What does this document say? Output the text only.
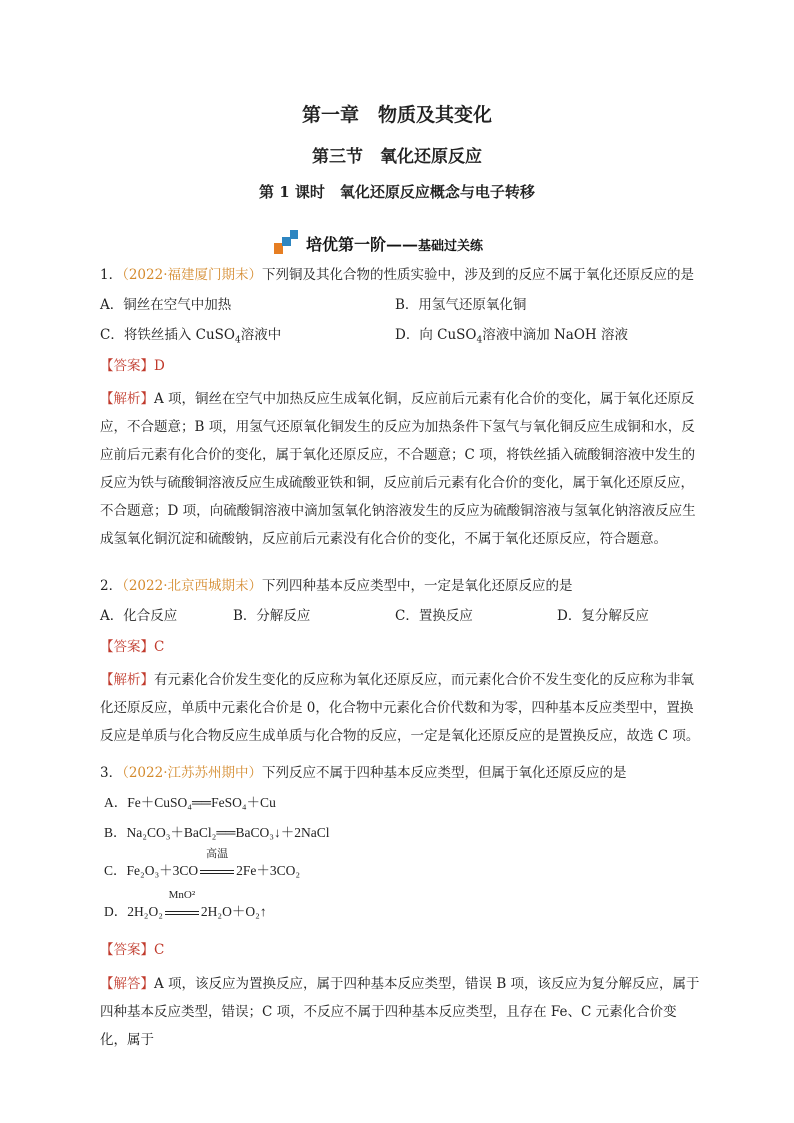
第一章　物质及其变化
第三节　氧化还原反应
第 1 课时　氧化还原反应概念与电子转移
培优第一阶——基础过关练
1．（2022·福建厦门期末）下列铜及其化合物的性质实验中，涉及到的反应不属于氧化还原反应的是
A．铜丝在空气中加热	B．用氢气还原氧化铜
C．将铁丝插入 CuSO$_4$溶液中	D．向 CuSO$_4$溶液中滴加 NaOH 溶液
【答案】D
【解析】A 项，铜丝在空气中加热反应生成氧化铜，反应前后元素有化合价的变化，属于氧化还原反应，不合题意；B 项，用氢气还原氧化铜发生的反应为加热条件下氢气与氧化铜反应生成铜和水，反应前后元素有化合价的变化，属于氧化还原反应，不合题意；C 项，将铁丝插入硫酸铜溶液中发生的反应为铁与硫酸铜溶液反应生成硫酸亚铁和铜，反应前后元素有化合价的变化，属于氧化还原反应，不合题意；D 项，向硫酸铜溶液中滴加氢氧化钠溶液发生的反应为硫酸铜溶液与氢氧化钠溶液反应生成氢氧化铜沉淀和硫酸钠，反应前后元素没有化合价的变化，不属于氧化还原反应，符合题意。
2．（2022·北京西城期末）下列四种基本反应类型中，一定是氧化还原反应的是
A．化合反应	B．分解反应	C．置换反应	D．复分解反应
【答案】C
【解析】有元素化合价发生变化的反应称为氧化还原反应，而元素化合价不发生变化的反应称为非氧化还原反应，单质中元素化合价是 0，化合物中元素化合价代数和为零，四种基本反应类型中，置换反应是单质与化合物反应生成单质与化合物的反应，一定是氧化还原反应的是置换反应，故选 C 项。
3．（2022·江苏苏州期中）下列反应不属于四种基本反应类型，但属于氧化还原反应的是
A．Fe＋CuSO₄══FeSO₄＋Cu
B．Na₂CO₃＋BaCl₂══BaCO₃↓＋2NaCl
C．Fe₂O₃＋3CO
高温
2Fe＋3CO₂
D．2H₂O₂
MnO²
2H₂O＋O₂↑
【答案】C
【解答】A 项，该反应为置换反应，属于四种基本反应类型，错误 B 项，该反应为复分解反应，属于四种基本反应类型，错误；C 项，不反应不属于四种基本反应类型，且存在 Fe、C 元素化合价变化，属于
